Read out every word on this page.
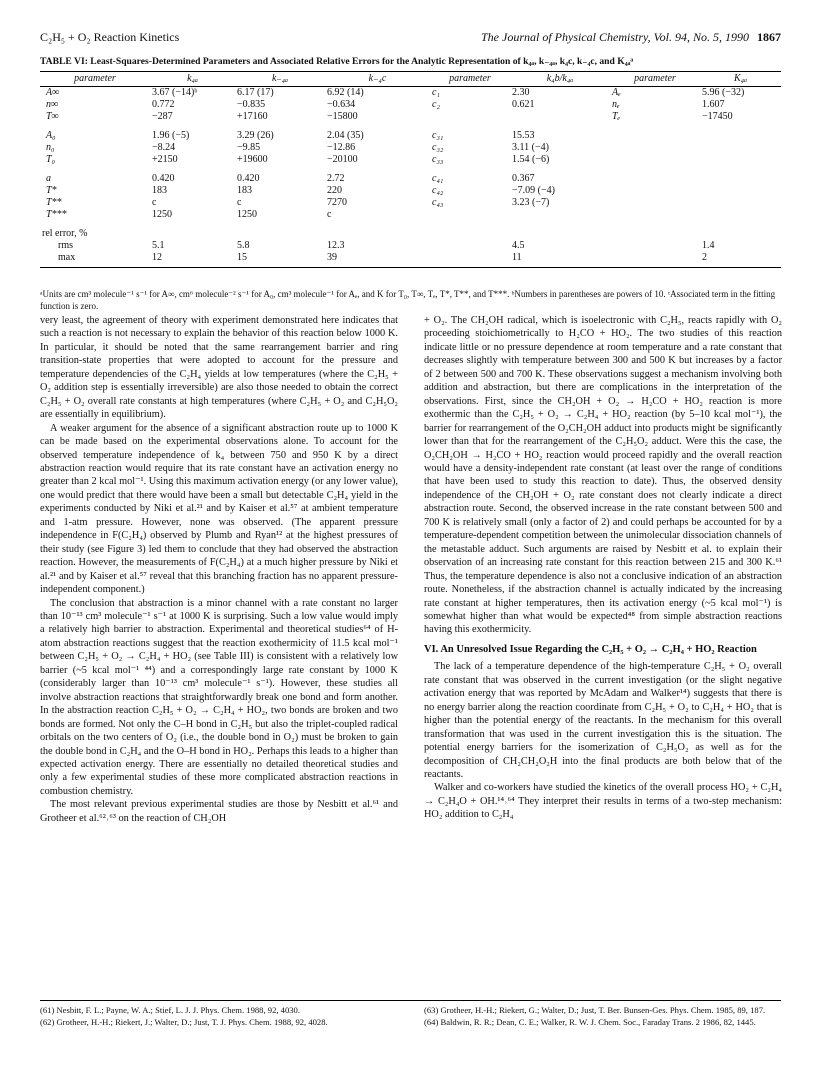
C₂H₅ + O₂ Reaction Kinetics	The Journal of Physical Chemistry, Vol. 94, No. 5, 1990 1867
TABLE VI: Least-Squares-Determined Parameters and Associated Relative Errors for the Analytic Representation of k₄ₐ, k₋₄ₐ, k₄c, k₋₄c, and K₄ₐᵃ
parameter	k₄ₐ	k₋₄ₐ	k₋₄c	parameter	k₄b/k₄ₐ	parameter	K₄ₐ
A∞	3.67 (−14)ᵇ	6.17 (17)	6.92 (14)	c₁	2.30	Aₑ	5.96 (−32)
n∞	0.772	−0.835	−0.634	c₂	0.621	nₑ	1.607
T∞	−287	+17160	−15800			Tₑ	−17450
A₀	1.96 (−5)	3.29 (26)	2.04 (35)	c₃₁	15.53		
n₀	−8.24	−9.85	−12.86	c₃₂	3.11 (−4)		
T₀	+2150	+19600	−20100	c₃₃	1.54 (−6)		
a	0.420	0.420	2.72	c₄₁	0.367		
T*	183	183	220	c₄₂	−7.09 (−4)		
T**	c	c	7270	c₄₃	3.23 (−7)		
T***	1250	1250	c				
rel error, %							
rms	5.1	5.8	12.3		4.5		1.4
max	12	15	39		11		2
ᵃUnits are cm³ molecule⁻¹ s⁻¹ for A∞, cm⁶ molecule⁻² s⁻¹ for A₀, cm³ molecule⁻¹ for Aₑ, and K for T₀, T∞, Tₑ, T*, T**, and T***. ᵇNumbers in parentheses are powers of 10. ᶜAssociated term in the fitting function is zero.

very least, the agreement of theory with experiment demonstrated here indicates that such a reaction is not necessary to explain the behavior of this reaction below 1000 K. In particular, it should be noted that the same rearrangement barrier and ring transition-state properties that were adopted to account for the pressure and temperature dependencies of the C₂H₄ yields at low temperatures (where the C₂H₅ + O₂ addition step is essentially irreversible) are also those needed to obtain the correct C₂H₅ + O₂ overall rate constants at high temperatures (where C₂H₅ + O₂ and C₂H₅O₂ are essentially in equilibrium).

A weaker argument for the absence of a significant abstraction route up to 1000 K can be made based on the experimental observations alone. To account for the observed temperature independence of k₄ between 750 and 950 K by a direct abstraction reaction would require that its rate constant have an activation energy no greater than 2 kcal mol⁻¹. Using this maximum activation energy (or any lower value), one would predict that there would have been a small but detectable C₂H₄ yield in the experiments conducted by Niki et al.²¹ and by Kaiser et al.⁵⁷ at ambient temperature and 1-atm pressure. However, none was observed. (The apparent pressure independence in F(C₂H₄) observed by Plumb and Ryan¹² at the highest pressures of their study (see Figure 3) led them to conclude that they had observed the abstraction reaction. However, the measurements of F(C₂H₄) at a much higher pressure by Niki et al.²¹ and by Kaiser et al.⁵⁷ reveal that this branching fraction has no apparent pressure-independent component.)

The conclusion that abstraction is a minor channel with a rate constant no larger than 10⁻¹³ cm³ molecule⁻¹ s⁻¹ at 1000 K is surprising. Such a low value would imply a relatively high barrier to abstraction. Experimental and theoretical studies⁶⁴ of H-atom abstraction reactions suggest that the reaction exothermicity of 11.5 kcal mol⁻¹ between C₂H₅ + O₂ → C₂H₄ + HO₂ (see Table III) is consistent with a relatively low barrier (~5 kcal mol⁻¹ ⁴⁴) and a correspondingly large rate constant by 1000 K (considerably larger than 10⁻¹³ cm³ molecule⁻¹ s⁻¹). However, these studies all involve abstraction reactions that straightforwardly break one bond and form another. In the abstraction reaction C₂H₅ + O₂ → C₂H₄ + HO₂, two bonds are broken and two bonds are formed. Not only the C–H bond in C₂H₅ but also the triplet-coupled radical orbitals on the two centers of O₂ (i.e., the double bond in O₂) must be broken to gain the double bond in C₂H₄ and the O–H bond in HO₂. Perhaps this leads to a higher than expected activation energy. There are essentially no detailed theoretical studies and only a few experimental studies of these more complicated abstraction reactions in combustion chemistry.

The most relevant previous experimental studies are those by Nesbitt et al.⁶¹ and Grotheer et al.⁶²˒⁶³ on the reaction of CH₂OH

+ O₂. The CH₂OH radical, which is isoelectronic with C₂H₅, reacts rapidly with O₂ proceeding stoichiometrically to H₂CO + HO₂. The two studies of this reaction indicate little or no pressure dependence at room temperature and a rate constant that decreases slightly with temperature between 300 and 500 K but increases by a factor of 2 between 500 and 700 K. These observations suggest a mechanism involving both addition and abstraction, but there are complications in the interpretation of the observations. First, since the CH₂OH + O₂ → H₂CO + HO₂ reaction is more exothermic than the C₂H₅ + O₂ → C₂H₄ + HO₂ reaction (by 5–10 kcal mol⁻¹), the barrier for rearrangement of the O₂CH₂OH adduct into products might be significantly lower than that for the rearrangement of the C₂H₅O₂ adduct. Were this the case, the O₂CH₂OH → H₂CO + HO₂ reaction would proceed rapidly and the overall reaction would have a density-independent rate constant (at least over the range of conditions that have been used to study this reaction to date). Thus, the observed density independence of the CH₂OH + O₂ rate constant does not clearly indicate a direct abstraction route. Second, the observed increase in the rate constant between 500 and 700 K is relatively small (only a factor of 2) and could perhaps be accounted for by a temperature-dependent competition between the unimolecular dissociation channels of the metastable adduct. Such arguments are raised by Nesbitt et al. to explain their observation of an increasing rate constant for this reaction between 215 and 300 K.⁶¹ Thus, the temperature dependence is also not a conclusive indication of an abstraction route. Nonetheless, if the abstraction channel is actually indicated by the increasing rate constant at higher temperatures, then its activation energy (~5 kcal mol⁻¹) is somewhat higher than what would be expected⁴⁸ from simple abstraction reactions having this exothermicity.

VI. An Unresolved Issue Regarding the C₂H₅ + O₂ → C₂H₄ + HO₂ Reaction

The lack of a temperature dependence of the high-temperature C₂H₅ + O₂ overall rate constant that was observed in the current investigation (or the slight negative activation energy that was reported by McAdam and Walker¹⁴) suggests that there is no energy barrier along the reaction coordinate from C₂H₅ + O₂ to C₂H₄ + HO₂ that is higher than the potential energy of the reactants. In the mechanism for this overall transformation that was used in the current investigation this is the situation. The potential energy barriers for the isomerization of C₂H₅O₂ as well as for the decomposition of CH₂CH₂O₂H into the final products are both below that of the reactants.

Walker and co-workers have studied the kinetics of the overall process HO₂ + C₂H₄ → C₂H₄O + OH.¹⁴˒⁶⁴ They interpret their results in terms of a two-step mechanism: HO₂ addition to C₂H₄

(61) Nesbitt, F. L.; Payne, W. A.; Stief, L. J. J. Phys. Chem. 1988, 92, 4030.

(62) Grotheer, H.-H.; Riekert, J.; Walter, D.; Just, T. J. Phys. Chem. 1988, 92, 4028.

(63) Grotheer, H.-H.; Riekert, G.; Walter, D.; Just, T. Ber. Bunsen-Ges. Phys. Chem. 1985, 89, 187.

(64) Baldwin, R. R.; Dean, C. E.; Walker, R. W. J. Chem. Soc., Faraday Trans. 2 1986, 82, 1445.
